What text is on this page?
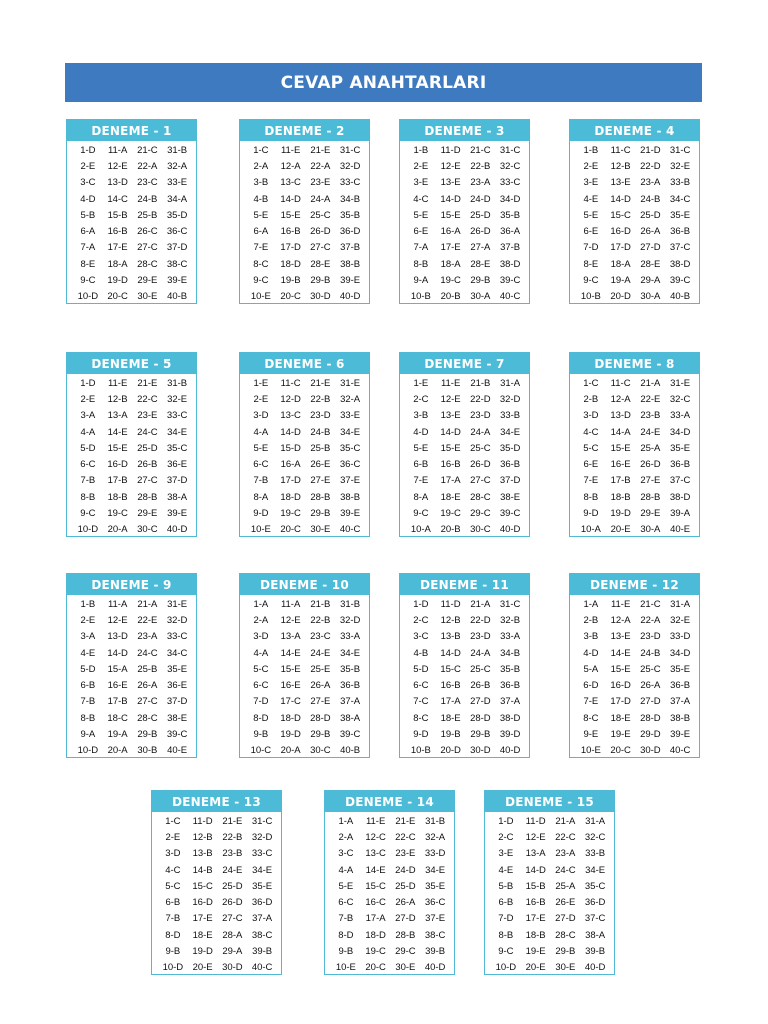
CEVAP ANAHTARLARI
DENEME - 1
1-D	11-A	21-C 31-B
2-E	12-E	22-A	32-A
3-C	13-D 23-C 33-E
4-D	14-C 24-B	34-A
5-B	15-B	25-B 35-D
6-A	16-B 26-C 36-C
7-A	17-E 27-C 37-D
8-E	18-A 28-C 38-C
9-C	19-D 29-E	39-E
10-D 20-C 30-E	40-B
DENEME - 2
1-C	11-E	21-E 31-C
2-A	12-A	22-A 32-D
3-B	13-C 23-E 33-C
4-B	14-D 24-A	34-B
5-E	15-E 25-C 35-B
6-A	16-B 26-D 36-D
7-E	17-D 27-C 37-B
8-C	18-D 28-E	38-B
9-C	19-B	29-B	39-E
10-E 20-C 30-D 40-D
DENEME - 3
1-B	11-D	21-C 31-C
2-E	12-E	22-B 32-C
3-E	13-E	23-A 33-C
4-C	14-D 24-D 34-D
5-E	15-E 25-D 35-B
6-E	16-A 26-D 36-A
7-A	17-E	27-A	37-B
8-B	18-A	28-E 38-D
9-A	19-C 29-B 39-C
10-B	20-B	30-A 40-C
DENEME - 4
1-B	11-C	21-D 31-C
2-E	12-B 22-D 32-E
3-E	13-E	23-A	33-B
4-E	14-D 24-B 34-C
5-E	15-C 25-D 35-E
6-E	16-D 26-A	36-B
7-D	17-D 27-D 37-C
8-E	18-A	28-E 38-D
9-C	19-A	29-A 39-C
10-B 20-D 30-A	40-B
DENEME - 5
1-D	11-E	21-E	31-B
2-E	12-B 22-C 32-E
3-A	13-A	23-E 33-C
4-A	14-E 24-C 34-E
5-D	15-E 25-D 35-C
6-C	16-D 26-B	36-E
7-B	17-B 27-C 37-D
8-B	18-B	28-B	38-A
9-C	19-C 29-E	39-E
10-D 20-A 30-C 40-D
DENEME - 6
1-E	11-C	21-E	31-E
2-E	12-D 22-B	32-A
3-D	13-C 23-D 33-E
4-A	14-D 24-B	34-E
5-E	15-D 25-B 35-C
6-C	16-A	26-E 36-C
7-B	17-D 27-E	37-E
8-A	18-D 28-B	38-B
9-D	19-C 29-B	39-E
10-E 20-C 30-E 40-C
DENEME - 7
1-E	11-E	21-B	31-A
2-C	12-E 22-D 32-D
3-B	13-E 23-D 33-B
4-D	14-D 24-A	34-E
5-E	15-E 25-C 35-D
6-B	16-B 26-D 36-B
7-E	17-A 27-C 37-D
8-A	18-E 28-C 38-E
9-C	19-C 29-C 39-C
10-A	20-B 30-C 40-D
DENEME - 8
1-C	11-C	21-A	31-E
2-B	12-A	22-E 32-C
3-D	13-D 23-B	33-A
4-C	14-A	24-E 34-D
5-C	15-E	25-A	35-E
6-E	16-E 26-D 36-B
7-E	17-B	27-E 37-C
8-B	18-B	28-B 38-D
9-D	19-D 29-E	39-A
10-A	20-E	30-A	40-E
DENEME - 9
1-B	11-A	21-A	31-E
2-E	12-E	22-E 32-D
3-A	13-D 23-A 33-C
4-E	14-D 24-C 34-C
5-D	15-A	25-B	35-E
6-B	16-E	26-A	36-E
7-B	17-B 27-C 37-D
8-B	18-C 28-C 38-E
9-A	19-A	29-B 39-C
10-D 20-A	30-B	40-E
DENEME - 10
1-A	11-A	21-B	31-B
2-A	12-E	22-B 32-D
3-D	13-A 23-C 33-A
4-A	14-E	24-E	34-E
5-C	15-E	25-E	35-B
6-C	16-E	26-A	36-B
7-D	17-C 27-E	37-A
8-D	18-D 28-D 38-A
9-B	19-D 29-B 39-C
10-C 20-A 30-C 40-B
DENEME - 11
1-D	11-D	21-A 31-C
2-C	12-B 22-D 32-B
3-C	13-B 23-D 33-A
4-B	14-D 24-A	34-B
5-D	15-C 25-C 35-B
6-C	16-B	26-B	36-B
7-C	17-A 27-D 37-A
8-C	18-E 28-D 38-D
9-D	19-B	29-B 39-D
10-B 20-D 30-D 40-D
DENEME - 12
1-A	11-E	21-C 31-A
2-B	12-A	22-A	32-E
3-B	13-E 23-D 33-D
4-D	14-E	24-B 34-D
5-A	15-E 25-C 35-E
6-D	16-D 26-A	36-B
7-E	17-D 27-D 37-A
8-C	18-E 28-D 38-B
9-E	19-E 29-D 39-E
10-E 20-C 30-D 40-C
DENEME - 13
1-C	11-D	21-E 31-C
2-E	12-B	22-B 32-D
3-D	13-B	23-B 33-C
4-C	14-B	24-E	34-E
5-C	15-C 25-D 35-E
6-B	16-D 26-D 36-D
7-B	17-E 27-C 37-A
8-D	18-E	28-A 38-C
9-B	19-D 29-A	39-B
10-D 20-E 30-D 40-C
DENEME - 14
1-A	11-E	21-E	31-B
2-A	12-C 22-C 32-A
3-C	13-C 23-E 33-D
4-A	14-E 24-D 34-E
5-E	15-C 25-D 35-E
6-C	16-C 26-A 36-C
7-B	17-A 27-D 37-E
8-D	18-D 28-B 38-C
9-B	19-C 29-C 39-B
10-E 20-C 30-E 40-D
DENEME - 15
1-D	11-D	21-A	31-A
2-C	12-E 22-C 32-C
3-E	13-A	23-A	33-B
4-E	14-D 24-C 34-E
5-B	15-B	25-A 35-C
6-B	16-B	26-E 36-D
7-D	17-E 27-D 37-C
8-B	18-B 28-C 38-A
9-C	19-E	29-B	39-B
10-D 20-E	30-E 40-D
